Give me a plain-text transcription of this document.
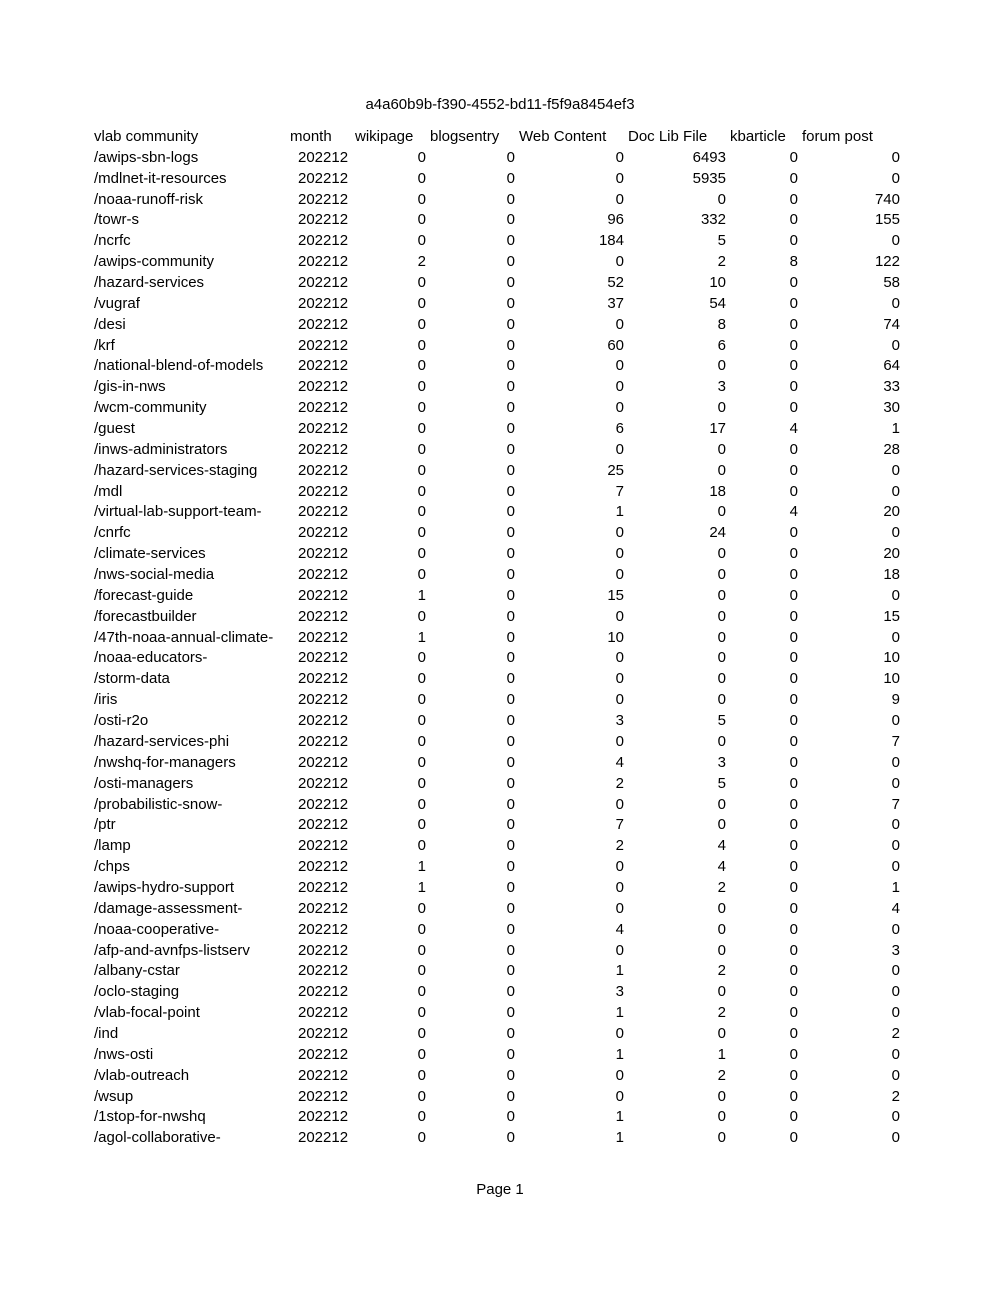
a4a60b9b-f390-4552-bd11-f5f9a8454ef3
vlab community	month	wikipage	blogsentry	Web Content	Doc Lib File	kbarticle	forum post
/awips-sbn-logs	202212	0	0	0	6493	0	0
/mdlnet-it-resources	202212	0	0	0	5935	0	0
/noaa-runoff-risk	202212	0	0	0	0	0	740
/towr-s	202212	0	0	96	332	0	155
/ncrfc	202212	0	0	184	5	0	0
/awips-community	202212	2	0	0	2	8	122
/hazard-services	202212	0	0	52	10	0	58
/vugraf	202212	0	0	37	54	0	0
/desi	202212	0	0	0	8	0	74
/krf	202212	0	0	60	6	0	0
/national-blend-of-models	202212	0	0	0	0	0	64
/gis-in-nws	202212	0	0	0	3	0	33
/wcm-community	202212	0	0	0	0	0	30
/guest	202212	0	0	6	17	4	1
/inws-administrators	202212	0	0	0	0	0	28
/hazard-services-staging	202212	0	0	25	0	0	0
/mdl	202212	0	0	7	18	0	0
/virtual-lab-support-team-	202212	0	0	1	0	4	20
/cnrfc	202212	0	0	0	24	0	0
/climate-services	202212	0	0	0	0	0	20
/nws-social-media	202212	0	0	0	0	0	18
/forecast-guide	202212	1	0	15	0	0	0
/forecastbuilder	202212	0	0	0	0	0	15
/47th-noaa-annual-climate-	202212	1	0	10	0	0	0
/noaa-educators-	202212	0	0	0	0	0	10
/storm-data	202212	0	0	0	0	0	10
/iris	202212	0	0	0	0	0	9
/osti-r2o	202212	0	0	3	5	0	0
/hazard-services-phi	202212	0	0	0	0	0	7
/nwshq-for-managers	202212	0	0	4	3	0	0
/osti-managers	202212	0	0	2	5	0	0
/probabilistic-snow-	202212	0	0	0	0	0	7
/ptr	202212	0	0	7	0	0	0
/lamp	202212	0	0	2	4	0	0
/chps	202212	1	0	0	4	0	0
/awips-hydro-support	202212	1	0	0	2	0	1
/damage-assessment-	202212	0	0	0	0	0	4
/noaa-cooperative-	202212	0	0	4	0	0	0
/afp-and-avnfps-listserv	202212	0	0	0	0	0	3
/albany-cstar	202212	0	0	1	2	0	0
/oclo-staging	202212	0	0	3	0	0	0
/vlab-focal-point	202212	0	0	1	2	0	0
/ind	202212	0	0	0	0	0	2
/nws-osti	202212	0	0	1	1	0	0
/vlab-outreach	202212	0	0	0	2	0	0
/wsup	202212	0	0	0	0	0	2
/1stop-for-nwshq	202212	0	0	1	0	0	0
/agol-collaborative-	202212	0	0	1	0	0	0
Page 1
